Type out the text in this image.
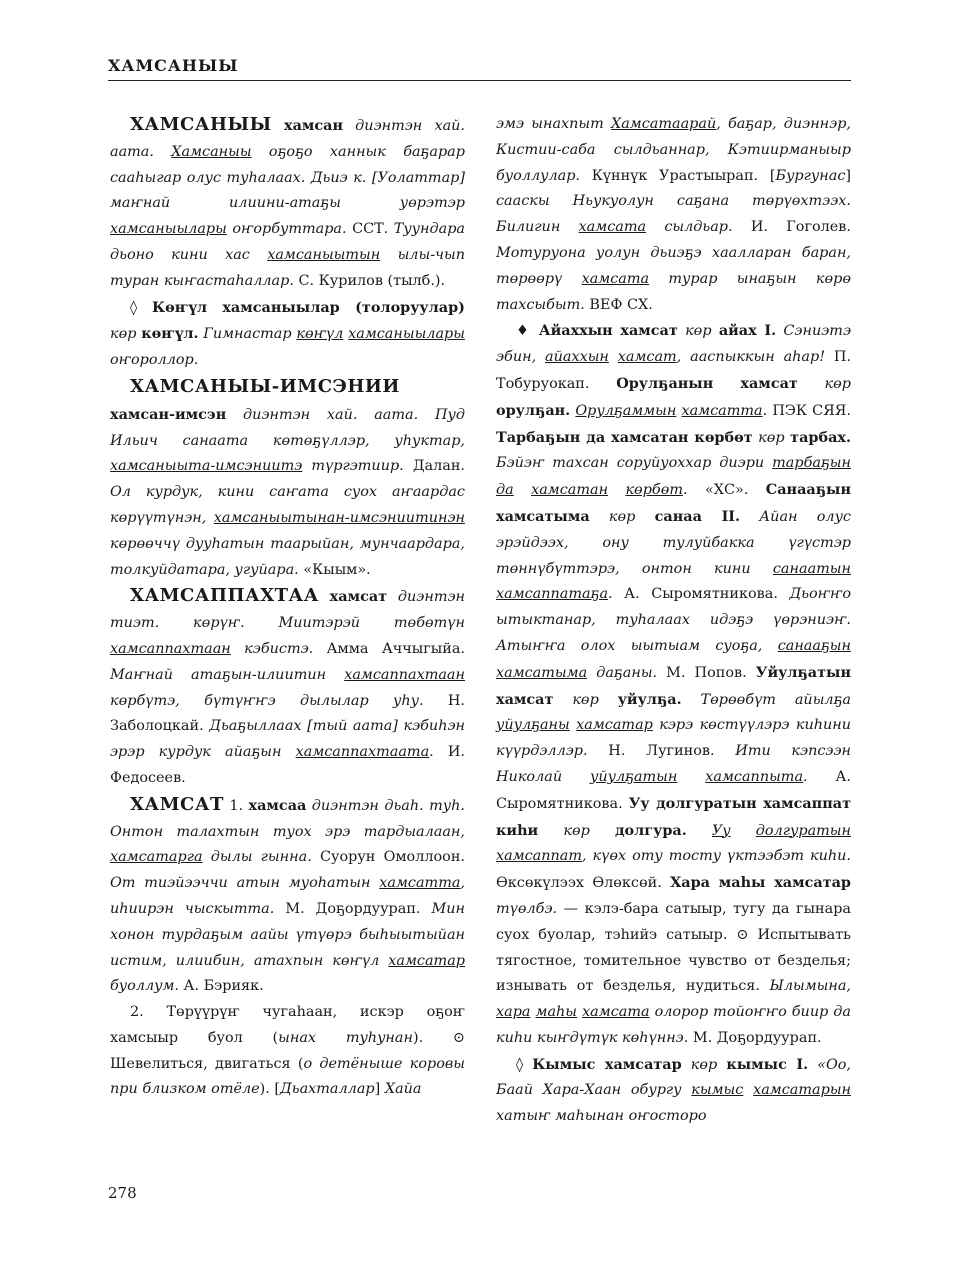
ХАМСАНЫЫ

ХАМСАНЫЫ хамсан диэнтэн хай. аата. Хамсаныы оҕоҕо ханнык баҕарар сааһыгар олус туһалаах. Дьиэ к. [Уолаттар] маҥнай илиини-атаҕы уөрэтэр хамсаныылары оҥорбуттара. ССТ. Туундара дьоно кини хас хамсаныытын ылы-чып туран кыҥастаһаллар. С. Курилов (тылб.).

◊ Көҥүл хамсаныылар (толоруулар) көр көҥүл. Гимнастар көҥүл хамсаныылары оҥороллор.

ХАМСАНЫЫ-ИМСЭНИИ хамсан-имсэн диэнтэн хай. аата. Пуд Ильич санаата көтөҕүллэр, уһуктар, хамсаныыта-имсэниитэ түргэтиир. Далан. Ол курдук, кини саҥата суох аҥаардас көрүүтүнэн, хамсаныытынан-имсэниитинэн көрөөччү дууһатын таарыйан, мунчаардара, толкуйдатара, угуйара. «Кыым».

ХАМСАППАХТАА хамсат диэнтэн тиэт. көрүҥ. Миитэрэй төбөтүн хамсаппахтаан кэбистэ. Амма Аччыгыйа. Маҥнай атаҕын-илиитин хамсаппахтаан көрбүтэ, бүтүҥҥэ дылылар уһу. Н. Заболоцкай. Дьаҕыллаах [тый аата] кэбиһэн эрэр курдук айаҕын хамсаппахтаата. И. Федосеев.

ХАМСАТ 1. хамсаа диэнтэн дьаһ. туһ. Онтон талахтын туох эрэ тардыалаан, хамсатарга дылы гынна. Суорун Омоллоон. От тиэйээччи атын муоһатын хамсатта, иһиирэн чыскытта. М. Доҕордуурап. Мин хонон турдаҕым аайы үтүөрэ быһыытыйан истим, илиибин, атахпын көҥүл хамсатар буоллум. А. Бэрияк.

2. Төрүүрүҥ чугаһаан, искэр оҕоҥ хамсыыр буол (ынах туһунан). ⊙ Шевелиться, двигаться (о детёныше коровы при близком отёле). [Дьахталлар] Хайа

эмэ ынахпыт Хамсатаарай, баҕар, диэннэр, Кистии-саба сылдьаннар, Кэтиирманыыр буоллулар. Күннүк Урастыырап. [Бургунас] сааскы Ньукуолун саҕана төрүөхтээх. Билигин хамсата сылдьар. И. Гоголев. Мотуруона уолун дьиэҕэ хаалларан баран, төрөөрү хамсата турар ынаҕын көрө тахсыбыт. ВЕФ СХ.

♦ Айаххын хамсат көр айах I. Сэниэтэ эбин, айаххын хамсат, ааспыккын аһар! П. Тобуруокап. Орулҕанын хамсат көр орулҕан. Орулҕаммын хамсатта. ПЭК СЯЯ. Тарбаҕын да хамсатан көрбөт көр тарбах. Бэйэҥ тахсан соруйуоххар диэри тарбаҕын да хамсатан көрбөт. «ХС». Санааҕын хамсатыма көр санаа II. Айан олус эрэйдээх, ону тулуйбакка үгүстэр төннүбүттэрэ, онтон кини санаатын хамсаппатаҕа. А. Сыромятникова. Дьоҥҥо ытыктанар, туһалаах идэҕэ үөрэниэҥ. Атыҥҥа олох ыытыам суоҕа, санааҕын хамсатыма даҕаны. М. Попов. Уйулҕатын хамсат көр уйулҕа. Төрөөбүт айылҕа уйулҕаны хамсатар кэрэ көстүүлэрэ киһини күүрдэллэр. Н. Лугинов. Ити кэпсээн Николай уйулҕатын хамсаппыта. А. Сыромятникова. Уу долгуратын хамсаппат киһи көр долгура. Уу долгуратын хамсаппат, күөх оту тосту үктээбэт киһи. Өксөкүлээх Өлөксөй. Хара маһы хамсатар түөлбэ. — кэлэ-бара сатыыр, тугу да гынара суох буолар, тэһийэ сатыыр. ⊙ Испытывать тягостное, томительное чувство от безделья; изнывать от безделья, нудиться. Ылымына, хара маһы хамсата олорор тойоҥҥо биир да киһи кыҥдүтүк көһүннэ. М. Доҕордуурап.

◊ Кымыс хамсатар көр кымыс I. «Оо, Баай Хара-Хаан обургу кымыс хамсатарын хатыҥ маһынан оҥосторо

278
